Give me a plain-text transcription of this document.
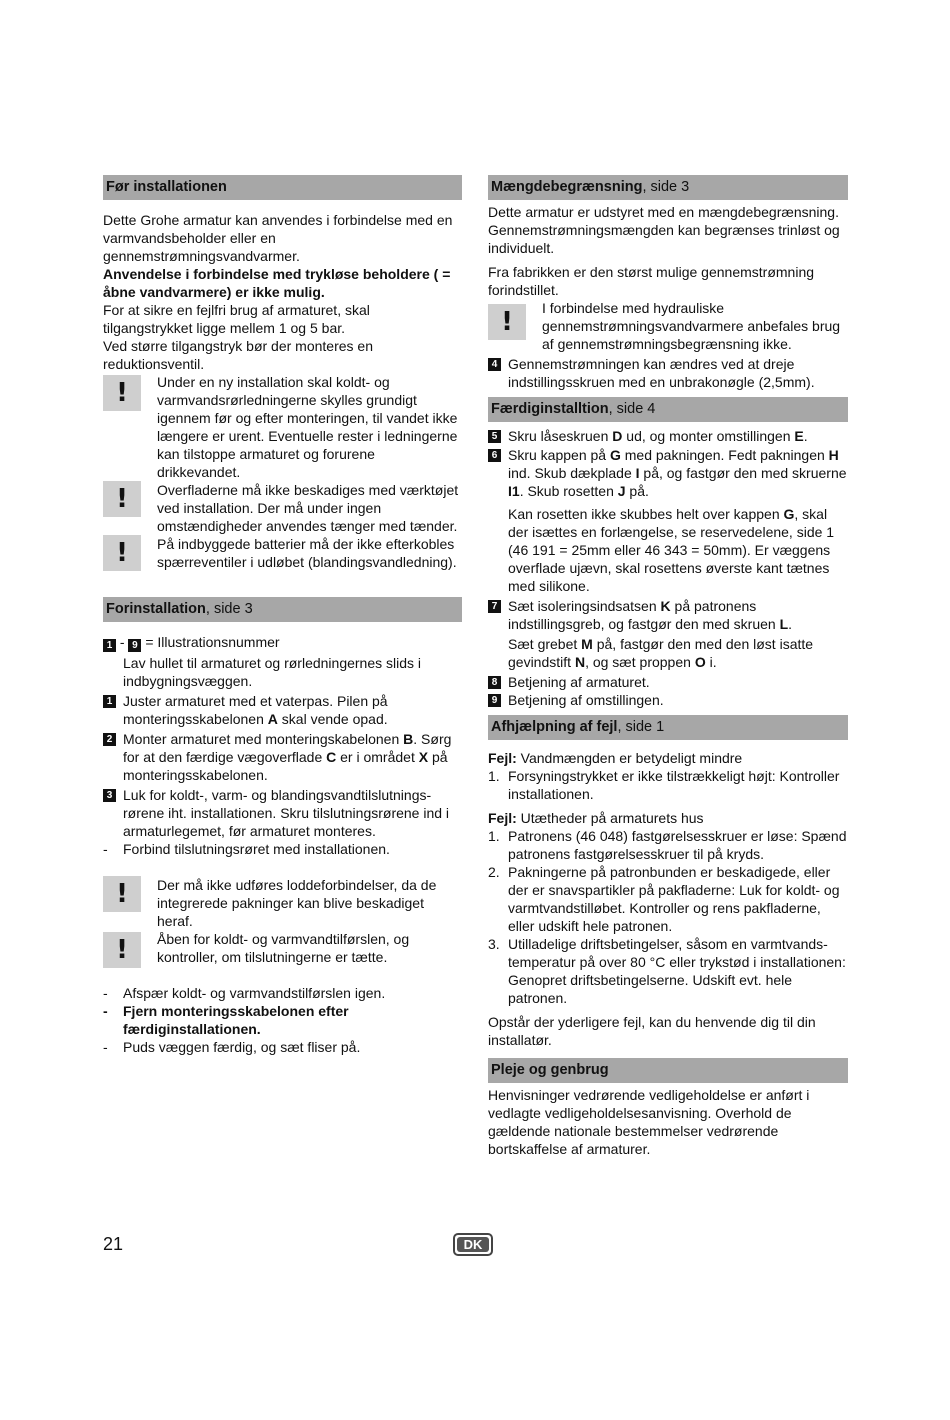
Før installationen

Dette Grohe armatur kan anvendes i forbindelse med en varmvandsbeholder eller en gennemstrømningsvandvarmer.

Anvendelse i forbindelse med trykløse beholdere ( = åbne vandvarmere) er ikke mulig.

For at sikre en fejlfri brug af armaturet, skal tilgangstrykket ligge mellem 1 og 5 bar.

Ved større tilgangstryk bør der monteres en reduktionsventil.

!	Under en ny installation skal koldt- og varmvandsrørledningerne skylles grundigt igennem før og efter monteringen, til vandet ikke længere er urent. Eventuelle rester i ledningerne kan tilstoppe armaturet og forurene drikkevandet.

!	Overfladerne må ikke beskadiges med værktøjet ved installation. Der må under ingen omstændigheder anvendes tænger med tænder.

!	På indbyggede batterier må der ikke efterkobles spærreventiler i udløbet (blandingsvandledning).

Forinstallation, side 3

1 - 9 = Illustrationsnummer

Lav hullet til armaturet og rørledningernes slids i indbygningsvæggen.

1 Juster armaturet med et vaterpas. Pilen på monteringsskabelonen A skal vende opad.
2 Monter armaturet med monteringskabelonen B. Sørg for at den færdige vægoverflade C er i området X på monteringsskabelonen.
3 Luk for koldt-, varm- og blandingsvandtilslutnings-rørene iht. installationen. Skru tilslutningsrørene ind i armaturlegemet, før armaturet monteres.
- Forbind tilslutningsrøret med installationen.
!	Der må ikke udføres loddeforbindelser, da de integrerede pakninger kan blive beskadiget heraf.

!	Åben for koldt- og varmvandtilførslen, og kontroller, om tilslutningerne er tætte.

- Afspær koldt- og varmvandstilførslen igen.
- Fjern monteringsskabelonen efter færdiginstallationen.
- Puds væggen færdig, og sæt fliser på.
Mængdebegrænsning, side 3

Dette armatur er udstyret med en mængdebegrænsning. Gennemstrømningsmængden kan begrænses trinløst og individuelt.

Fra fabrikken er den størst mulige gennemstrømning forindstillet.

!	I forbindelse med hydrauliske gennemstrømningsvandvarmere anbefales brug af gennemstrømningsbegrænsning ikke.

4 Gennemstrømningen kan ændres ved at dreje indstillingsskruen med en unbrakonøgle (2,5mm).
Færdiginstalltion, side 4
5 Skru låseskruen D ud, og monter omstillingen E.
6 Skru kappen på G med pakningen. Fedt pakningen H ind. Skub dækplade I på, og fastgør den med skruerne I1. Skub rosetten J på.

Kan rosetten ikke skubbes helt over kappen G, skal der isættes en forlængelse, se reservedelene, side 1 (46 191 = 25mm eller 46 343 = 50mm). Er væggens overflade ujævn, skal rosettens øverste kant tætnes med silikone.

7 Sæt isoleringsindsatsen K på patronens indstillingsgreb, og fastgør den med skruen L.

Sæt grebet M på, fastgør den med den løst isatte gevindstift N, og sæt proppen O i.

8 Betjening af armaturet.
9 Betjening af omstillingen.
Afhjælpning af fejl, side 1

Fejl: Vandmængden er betydeligt mindre

1. Forsyningstrykket er ikke tilstrækkeligt højt: Kontroller installationen.

Fejl: Utætheder på armaturets hus

1. Patronens (46 048) fastgørelsesskruer er løse: Spænd patronens fastgørelsesskruer til på kryds.
2. Pakningerne på patronbunden er beskadigede, eller der er snavspartikler på pakfladerne: Luk for koldt- og varmtvandstilløbet. Kontroller og rens pakfladerne, eller udskift hele patronen.
3. Utilladelige driftsbetingelser, såsom en varmtvands-temperatur på over 80 °C eller trykstød i installationen: Genopret driftsbetingelserne. Udskift evt. hele patronen.

Opstår der yderligere fejl, kan du henvende dig til din installatør.

Pleje og genbrug

Henvisninger vedrørende vedligeholdelse er anført i vedlagte vedligeholdelsesanvisning. Overhold de gældende nationale bestemmelser vedrørende bortskaffelse af armaturer.

21	DK
